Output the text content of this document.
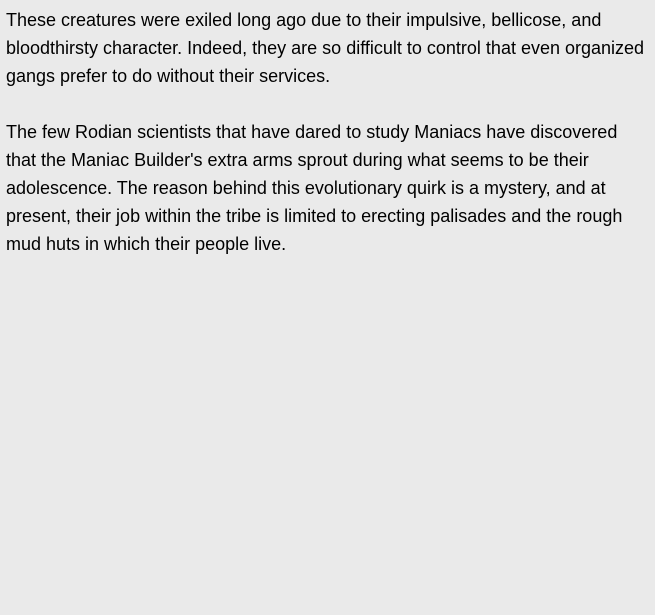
These creatures were exiled long ago due to their impulsive, bellicose, and bloodthirsty character. Indeed, they are so difficult to control that even organized gangs prefer to do without their services.

The few Rodian scientists that have dared to study Maniacs have discovered that the Maniac Builder's extra arms sprout during what seems to be their adolescence. The reason behind this evolutionary quirk is a mystery, and at present, their job within the tribe is limited to erecting palisades and the rough mud huts in which their people live.
